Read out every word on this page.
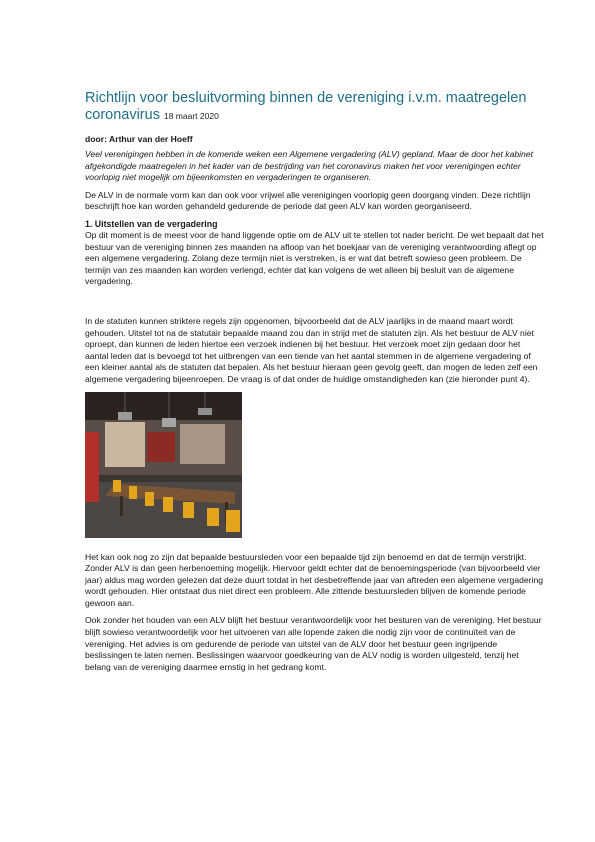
Richtlijn voor besluitvorming binnen de vereniging i.v.m. maatregelen coronavirus 18 maart 2020
door: Arthur van der Hoeff

Veel verenigingen hebben in de komende weken een Algemene vergadering (ALV) gepland. Maar de door het kabinet afgekondigde maatregelen in het kader van de bestrijding van het coronavirus maken het voor verenigingen echter voorlopig niet mogelijk om bijeenkomsten en vergaderingen te organiseren.

De ALV in de normale vorm kan dan ook voor vrijwel alle verenigingen voorlopig geen doorgang vinden. Deze richtlijn beschrijft hoe kan worden gehandeld gedurende de periode dat geen ALV kan worden georganiseerd.

1. Uitstellen van de vergadering

Op dit moment is de meest voor de hand liggende optie om de ALV uit te stellen tot nader bericht. De wet bepaalt dat het bestuur van de vereniging binnen zes maanden na afloop van het boekjaar van de vereniging verantwoording aflegt op een algemene vergadering. Zolang deze termijn niet is verstreken, is er wat dat betreft sowieso geen probleem. De termijn van zes maanden kan worden verlengd, echter dat kan volgens de wet alleen bij besluit van de algemene vergadering.

In de statuten kunnen striktere regels zijn opgenomen, bijvoorbeeld dat de ALV jaarlijks in de maand maart wordt gehouden. Uitstel tot na de statutair bepaalde maand zou dan in strijd met de statuten zijn. Als het bestuur de ALV niet oproept, dan kunnen de leden hiertoe een verzoek indienen bij het bestuur. Het verzoek moet zijn gedaan door het aantal leden dat is bevoegd tot het uitbrengen van een tiende van het aantal stemmen in de algemene vergadering of een kleiner aantal als de statuten dat bepalen. Als het bestuur hieraan geen gevolg geeft, dan mogen de leden zelf een algemene vergadering bijeenroepen. De vraag is of dat onder de huidige omstandigheden kan (zie hieronder punt 4).

Het kan ook nog zo zijn dat bepaalde bestuursleden voor een bepaalde tijd zijn benoemd en dat de termijn verstrijkt. Zonder ALV is dan geen herbenoeming mogelijk. Hiervoor geldt echter dat de benoemingsperiode (van bijvoorbeeld vier jaar) aldus mag worden gelezen dat deze duurt totdat in het desbetreffende jaar van aftreden een algemene vergadering wordt gehouden. Hier ontstaat dus niet direct een probleem. Alle zittende bestuursleden blijven de komende periode gewoon aan.

Ook zonder het houden van een ALV blijft het bestuur verantwoordelijk voor het besturen van de vereniging. Het bestuur blijft sowieso verantwoordelijk voor het uitvoeren van alle lopende zaken die nodig zijn voor de continuïteit van de vereniging. Het advies is om gedurende de periode van uitstel van de ALV door het bestuur geen ingrijpende beslissingen te laten nemen. Beslissingen waarvoor goedkeuring van de ALV nodig is worden uitgesteld, tenzij het belang van de vereniging daarmee ernstig in het gedrang komt.
